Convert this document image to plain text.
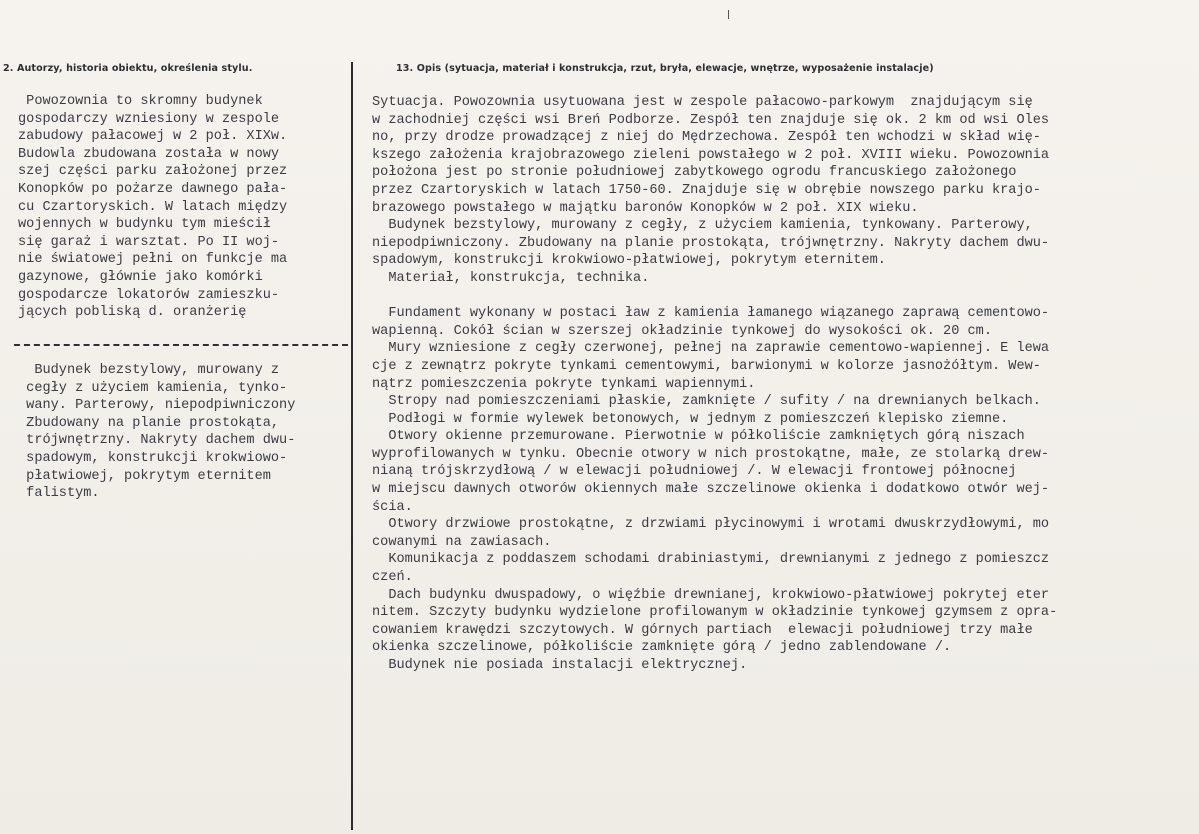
2. Autorzy, historia obiektu, określenia stylu.	13. Opis (sytuacja, materiał i konstrukcja, rzut, bryła, elewacje, wnętrze, wyposażenie instalacje)
Powozownia to skromny budynek
gospodarczy wzniesiony w zespole
zabudowy pałacowej w 2 poł. XIXw.
Budowla zbudowana została w nowy
szej części parku założonej przez
Konopków po pożarze dawnego pała-
cu Czartoryskich. W latach między
wojennych w budynku tym mieścił
się garaż i warsztat. Po II woj-
nie światowej pełni on funkcje ma
gazynowe, głównie jako komórki
gospodarcze lokatorów zamieszku-
jących pobliską d. oranżerię
Budynek bezstylowy, murowany z
cegły z użyciem kamienia, tynko-
wany. Parterowy, niepodpiwniczony
Zbudowany na planie prostokąta,
trójwnętrzny. Nakryty dachem dwu-
spadowym, konstrukcji krokwiowo-
płatwiowej, pokrytym eternitem
falistym.
Sytuacja. Powozownia usytuowana jest w zespole pałacowo-parkowym  znajdującym się
w zachodniej części wsi Breń Podborze. Zespół ten znajduje się ok. 2 km od wsi Oles
no, przy drodze prowadzącej z niej do Mędrzechowa. Zespół ten wchodzi w skład wię-
kszego założenia krajobrazowego zieleni powstałego w 2 poł. XVIII wieku. Powozownia
położona jest po stronie południowej zabytkowego ogrodu francuskiego założonego
przez Czartoryskich w latach 1750-60. Znajduje się w obrębie nowszego parku krajo-
brazowego powstałego w majątku baronów Konopków w 2 poł. XIX wieku.
Budynek bezstylowy, murowany z cegły, z użyciem kamienia, tynkowany. Parterowy,
niepodpiwniczony. Zbudowany na planie prostokąta, trójwnętrzny. Nakryty dachem dwu-
spadowym, konstrukcji krokwiowo-płatwiowej, pokrytym eternitem.
Materiał, konstrukcja, technika.
Fundament wykonany w postaci ław z kamienia łamanego wiązanego zaprawą cementowo-
wapienną. Cokół ścian w szerszej okładzinie tynkowej do wysokości ok. 20 cm.
Mury wzniesione z cegły czerwonej, pełnej na zaprawie cementowo-wapiennej. E lewa
cje z zewnątrz pokryte tynkami cementowymi, barwionymi w kolorze jasnożółtym. Wew-
nątrz pomieszczenia pokryte tynkami wapiennymi.
Stropy nad pomieszczeniami płaskie, zamknięte / sufity / na drewnianych belkach.
Podłogi w formie wylewek betonowych, w jednym z pomieszczeń klepisko ziemne.
Otwory okienne przemurowane. Pierwotnie w półkoliście zamkniętych górą niszach
wyprofilowanych w tynku. Obecnie otwory w nich prostokątne, małe, ze stolarką drew-
nianą trójskrzydłową / w elewacji południowej /. W elewacji frontowej północnej
w miejscu dawnych otworów okiennych małe szczelinowe okienka i dodatkowo otwór wej-
ścia.
Otwory drzwiowe prostokątne, z drzwiami płycinowymi i wrotami dwuskrzydłowymi, mo
cowanymi na zawiasach.
Komunikacja z poddaszem schodami drabiniastymi, drewnianymi z jednego z pomieszcz
czeń.
Dach budynku dwuspadowy, o więźbie drewnianej, krokwiowo-płatwiowej pokrytej eter
nitem. Szczyty budynku wydzielone profilowanym w okładzinie tynkowej gzymsem z opra-
cowaniem krawędzi szczytowych. W górnych partiach  elewacji południowej trzy małe
okienka szczelinowe, półkoliście zamknięte górą / jedno zablendowane /.
Budynek nie posiada instalacji elektrycznej.
